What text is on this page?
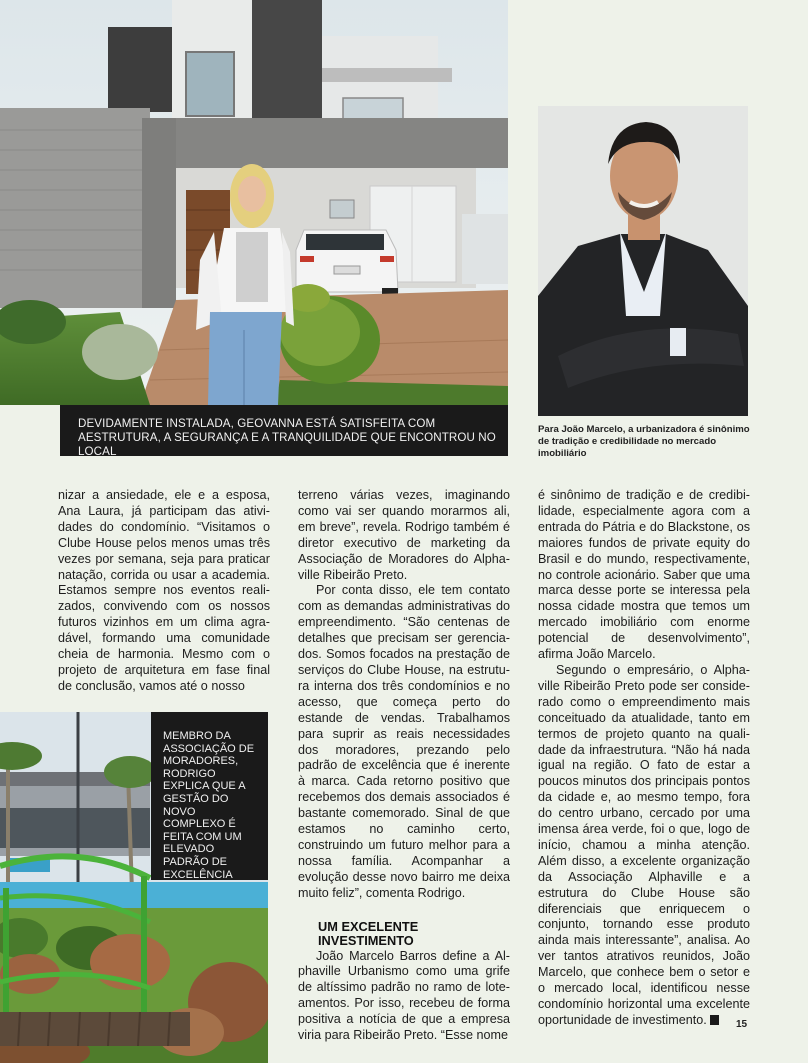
DEVIDAMENTE INSTALADA, GEOVANNA ESTÁ SATISFEITA COM AESTRUTURA, A SEGURANÇA E A TRANQUILIDADE QUE ENCONTROU NO LOCAL
Para João Marcelo, a urbanizadora é sinônimo de tradição e credibilidade no mercado imobiliário

nizar a ansiedade, ele e a esposa, Ana Laura, já participam das atividades do condomínio. “Visitamos o Clube House pelos menos umas três vezes por semana, seja para praticar natação, corrida ou usar a academia. Estamos sempre nos eventos realizados, convivendo com os nossos futuros vizinhos em um clima agradável, formando uma comunidade cheia de harmonia. Mesmo com o projeto de arquitetura em fase final de conclusão, vamos até o nosso

terreno várias vezes, imaginando como vai ser quando morarmos ali, em breve”, revela. Rodrigo também é diretor executivo de marketing da Associação de Moradores do Alphaville Ribeirão Preto.

Por conta disso, ele tem contato com as demandas administrativas do empreendimento. “São centenas de detalhes que precisam ser gerenciados. Somos focados na prestação de serviços do Clube House, na estrutura interna dos três condomínios e no acesso, que começa perto do estande de vendas. Trabalhamos para suprir as reais necessidades dos moradores, prezando pelo padrão de excelência que é inerente à marca. Cada retorno positivo que recebemos dos demais associados é bastante comemorado. Sinal de que estamos no caminho certo, construindo um futuro melhor para a nossa família. Acompanhar a evolução desse novo bairro me deixa muito feliz”, comenta Rodrigo.

UM EXCELENTE INVESTIMENTO

João Marcelo Barros define a Alphaville Urbanismo como uma grife de altíssimo padrão no ramo de loteamentos. Por isso, recebeu de forma positiva a notícia de que a empresa viria para Ribeirão Preto. “Esse nome

é sinônimo de tradição e de credibilidade, especialmente agora com a entrada do Pátria e do Blackstone, os maiores fundos de private equity do Brasil e do mundo, respectivamente, no controle acionário. Saber que uma marca desse porte se interessa pela nossa cidade mostra que temos um mercado imobiliário com enorme potencial de desenvolvimento”, afirma João Marcelo.

Segundo o empresário, o Alphaville Ribeirão Preto pode ser considerado como o empreendimento mais conceituado da atualidade, tanto em termos de projeto quanto na qualidade da infraestrutura. “Não há nada igual na região. O fato de estar a poucos minutos dos principais pontos da cidade e, ao mesmo tempo, fora do centro urbano, cercado por uma imensa área verde, foi o que, logo de início, chamou a minha atenção. Além disso, a excelente organização da Associação Alphaville e a estrutura do Clube House são diferenciais que enriquecem o conjunto, tornando esse produto ainda mais interessante”, analisa. Ao ver tantos atrativos reunidos, João Marcelo, que conhece bem o setor e o mercado local, identificou nesse condomínio horizontal uma excelente oportunidade de investimento.

MEMBRO DA ASSOCIAÇÃO DE MORADORES, RODRIGO EXPLICA QUE A GESTÃO DO NOVO COMPLEXO É FEITA COM UM ELEVADO PADRÃO DE EXCELÊNCIA
15
